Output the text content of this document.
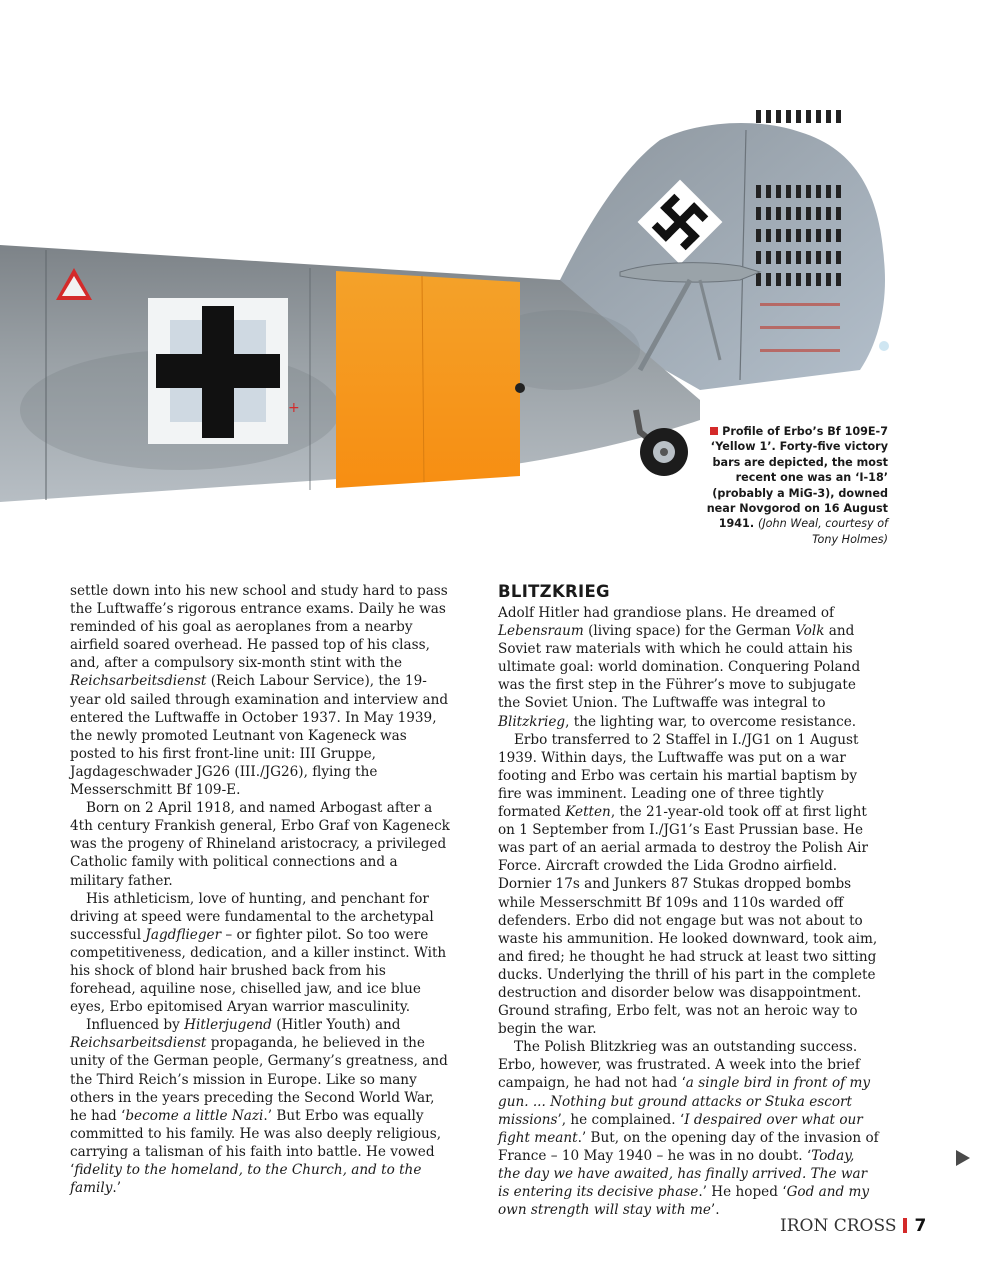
+
Profile of Erbo’s Bf 109E-7 ‘Yellow 1’. Forty-five victory bars are depicted, the most recent one was an ‘I-18’ (probably a MiG-3), downed near Novgorod on 16 August 1941. (John Weal, courtesy of Tony Holmes)

settle down into his new school and study hard to pass the Luftwaffe’s rigorous entrance exams. Daily he was reminded of his goal as aeroplanes from a nearby airfield soared overhead. He passed top of his class, and, after a compulsory six-month stint with the Reichsarbeitsdienst (Reich Labour Service), the 19-year old sailed through examination and interview and entered the Luftwaffe in October 1937. In May 1939, the newly promoted Leutnant von Kageneck was posted to his first front-line unit: III Gruppe, Jagdageschwader JG26 (III./JG26), flying the Messerschmitt Bf 109-E.

Born on 2 April 1918, and named Arbogast after a 4th century Frankish general, Erbo Graf von Kageneck was the progeny of Rhineland aristocracy, a privileged Catholic family with political connections and a military father.

His athleticism, love of hunting, and penchant for driving at speed were fundamental to the archetypal successful Jagdflieger – or fighter pilot. So too were competitiveness, dedication, and a killer instinct. With his shock of blond hair brushed back from his forehead, aquiline nose, chiselled jaw, and ice blue eyes, Erbo epitomised Aryan warrior masculinity.

Influenced by Hitlerjugend (Hitler Youth) and Reichsarbeitsdienst propaganda, he believed in the unity of the German people, Germany’s greatness, and the Third Reich’s mission in Europe. Like so many others in the years preceding the Second World War, he had ‘become a little Nazi.’ But Erbo was equally committed to his family. He was also deeply religious, carrying a talisman of his faith into battle. He vowed ‘fidelity to the homeland, to the Church, and to the family.’

BLITZKRIEG

Adolf Hitler had grandiose plans. He dreamed of Lebensraum (living space) for the German Volk and Soviet raw materials with which he could attain his ultimate goal: world domination. Conquering Poland was the first step in the Führer’s move to subjugate the Soviet Union. The Luftwaffe was integral to Blitzkrieg, the lighting war, to overcome resistance.

Erbo transferred to 2 Staffel in I./JG1 on 1 August 1939. Within days, the Luftwaffe was put on a war footing and Erbo was certain his martial baptism by fire was imminent. Leading one of three tightly formated Ketten, the 21-year-old took off at first light on 1 September from I./JG1’s East Prussian base. He was part of an aerial armada to destroy the Polish Air Force. Aircraft crowded the Lida Grodno airfield. Dornier 17s and Junkers 87 Stukas dropped bombs while Messerschmitt Bf 109s and 110s warded off defenders. Erbo did not engage but was not about to waste his ammunition. He looked downward, took aim, and fired; he thought he had struck at least two sitting ducks. Underlying the thrill of his part in the complete destruction and disorder below was disappointment. Ground strafing, Erbo felt, was not an heroic way to begin the war.

The Polish Blitzkrieg was an outstanding success. Erbo, however, was frustrated. A week into the brief campaign, he had not had ‘a single bird in front of my gun. ... Nothing but ground attacks or Stuka escort missions’, he complained. ‘I despaired over what our fight meant.’ But, on the opening day of the invasion of France – 10 May 1940 – he was in no doubt. ‘Today, the day we have awaited, has finally arrived. The war is entering its decisive phase.’ He hoped ‘God and my own strength will stay with me’.

IRON CROSS 7
